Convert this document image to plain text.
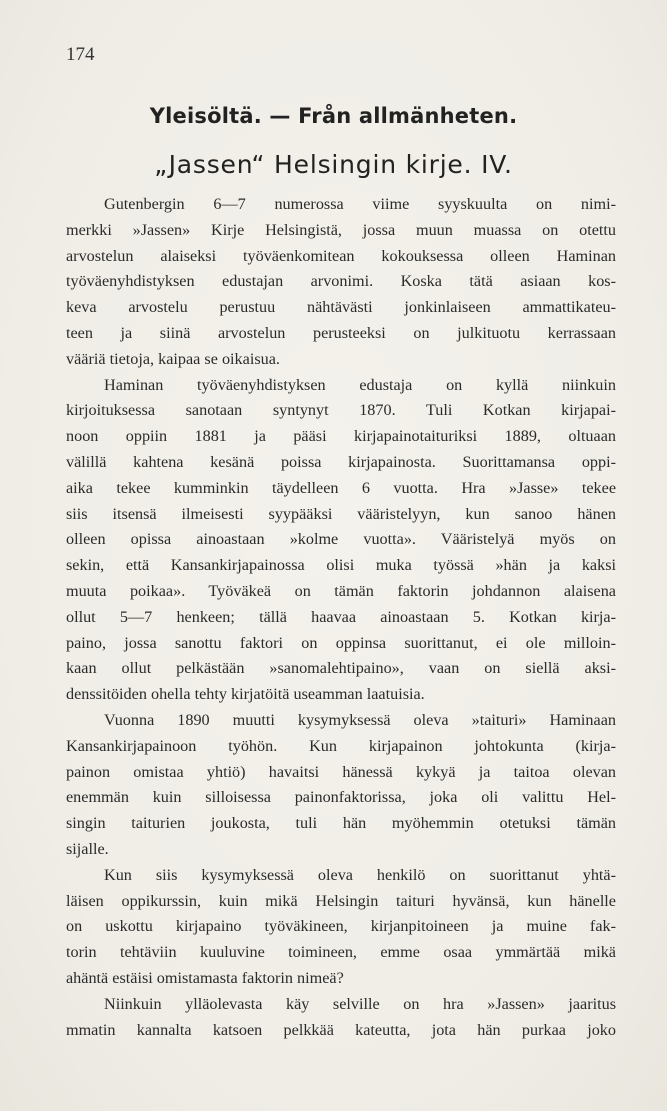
174
Yleisöltä. — Från allmänheten.
„Jassen“ Helsingin kirje. IV.
Gutenbergin 6—7 numerossa viime syyskuulta on nimi-
merkki »Jassen» Kirje Helsingistä, jossa muun muassa on otettu
arvostelun alaiseksi työväenkomitean kokouksessa olleen Haminan
työväenyhdistyksen edustajan arvonimi. Koska tätä asiaan kos-
keva arvostelu perustuu nähtävästi jonkinlaiseen ammattikateu-
teen ja siinä arvostelun perusteeksi on julkituotu kerrassaan
vääriä tietoja, kaipaa se oikaisua.
Haminan työväenyhdistyksen edustaja on kyllä niinkuin
kirjoituksessa sanotaan syntynyt 1870. Tuli Kotkan kirjapai-
noon oppiin 1881 ja pääsi kirjapainotaituriksi 1889, oltuaan
välillä kahtena kesänä poissa kirjapainosta. Suorittamansa oppi-
aika tekee kumminkin täydelleen 6 vuotta. Hra »Jasse» tekee
siis itsensä ilmeisesti syypääksi vääristelyyn, kun sanoo hänen
olleen opissa ainoastaan »kolme vuotta». Vääristelyä myös on
sekin, että Kansankirjapainossa olisi muka työssä »hän ja kaksi
muuta poikaa». Työväkeä on tämän faktorin johdannon alaisena
ollut 5—7 henkeen; tällä haavaa ainoastaan 5. Kotkan kirja-
paino, jossa sanottu faktori on oppinsa suorittanut, ei ole milloin-
kaan ollut pelkästään »sanomalehtipaino», vaan on siellä aksi-
denssitöiden ohella tehty kirjatöitä useamman laatuisia.
Vuonna 1890 muutti kysymyksessä oleva »taituri» Haminaan
Kansankirjapainoon työhön. Kun kirjapainon johtokunta (kirja-
painon omistaa yhtiö) havaitsi hänessä kykyä ja taitoa olevan
enemmän kuin silloisessa painonfaktorissa, joka oli valittu Hel-
singin taiturien joukosta, tuli hän myöhemmin otetuksi tämän
sijalle.
Kun siis kysymyksessä oleva henkilö on suorittanut yhtä-
läisen oppikurssin, kuin mikä Helsingin taituri hyvänsä, kun hänelle
on uskottu kirjapaino työväkineen, kirjanpitoineen ja muine fak-
torin tehtäviin kuuluvine toimineen, emme osaa ymmärtää mikä
ahäntä estäisi omistamasta faktorin nimeä?
Niinkuin ylläolevasta käy selville on hra »Jassen» jaaritus
mmatin kannalta katsoen pelkkää kateutta, jota hän purkaa joko
